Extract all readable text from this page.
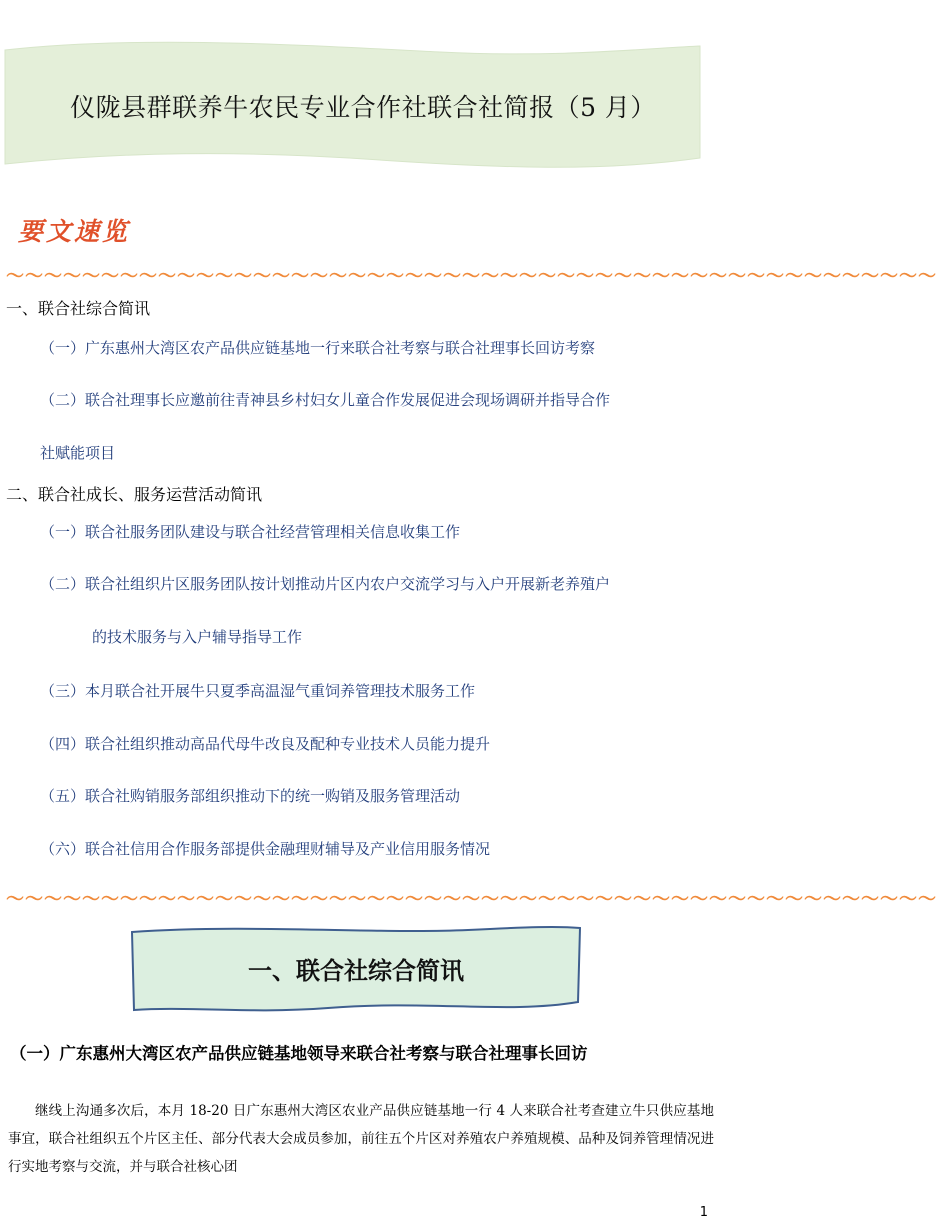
仪陇县群联养牛农民专业合作社联合社简报（5 月）
要文速览
～～～～～～～～～～～～～～～～～～～～～～～～～～～～～～～～～～～～～～～～～～～～～～～～～
一、联合社综合简讯
（一）广东惠州大湾区农产品供应链基地一行来联合社考察与联合社理事长回访考察
（二）联合社理事长应邀前往青神县乡村妇女儿童合作发展促进会现场调研并指导合作
社赋能项目
二、联合社成长、服务运营活动简讯
（一）联合社服务团队建设与联合社经营管理相关信息收集工作
（二）联合社组织片区服务团队按计划推动片区内农户交流学习与入户开展新老养殖户
的技术服务与入户辅导指导工作
（三）本月联合社开展牛只夏季高温湿气重饲养管理技术服务工作
（四）联合社组织推动高品代母牛改良及配种专业技术人员能力提升
（五）联合社购销服务部组织推动下的统一购销及服务管理活动
（六）联合社信用合作服务部提供金融理财辅导及产业信用服务情况
～～～～～～～～～～～～～～～～～～～～～～～～～～～～～～～～～～～～～～～～～～～～～～～～～
一、联合社综合简讯
（一）广东惠州大湾区农产品供应链基地领导来联合社考察与联合社理事长回访
继线上沟通多次后，本月 18-20 日广东惠州大湾区农业产品供应链基地一行 4 人来联合社考查建立牛只供应基地事宜，联合社组织五个片区主任、部分代表大会成员参加，前往五个片区对养殖农户养殖规模、品种及饲养管理情况进行实地考察与交流，并与联合社核心团
1
